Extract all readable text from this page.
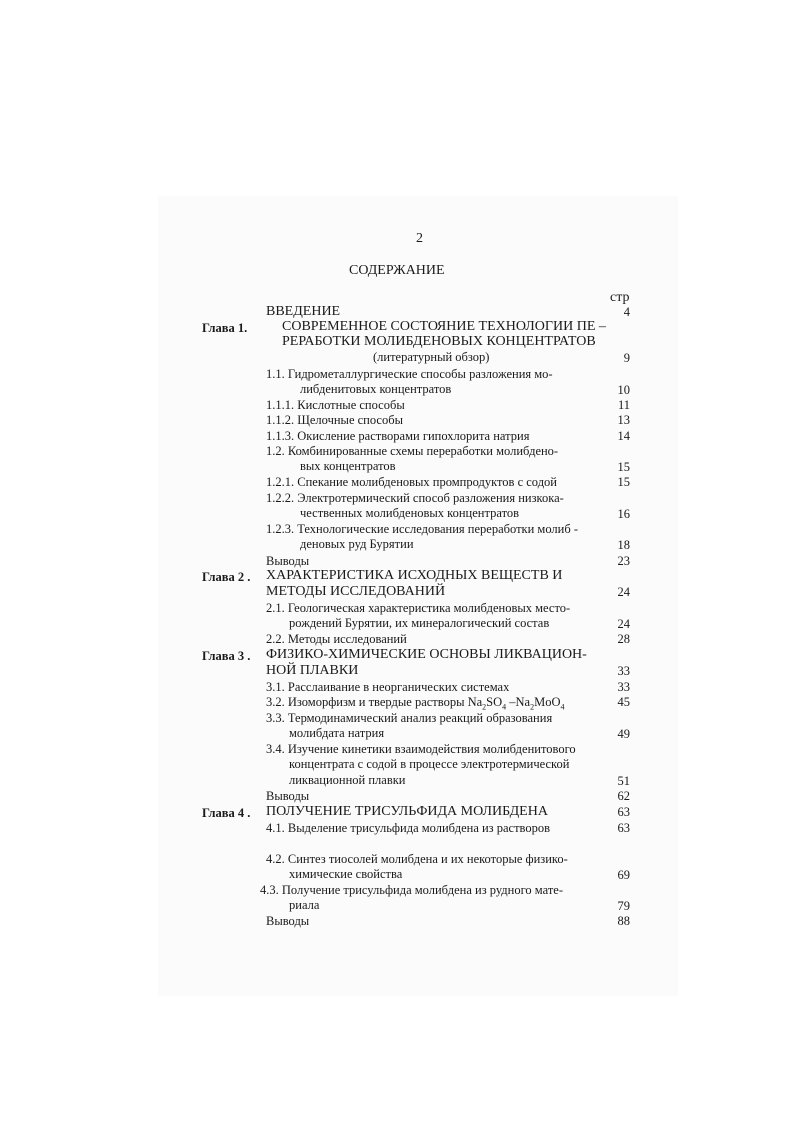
2
СОДЕРЖАНИЕ
стр
ВВЕДЕНИЕ	4
Глава 1. СОВРЕМЕННОЕ СОСТОЯНИЕ ТЕХНОЛОГИИ ПЕ –
РЕРАБОТКИ МОЛИБДЕНОВЫХ КОНЦЕНТРАТОВ
(литературный обзор)	9
1.1. Гидрометаллургические способы разложения мо-
либденитовых концентратов	10
1.1.1. Кислотные способы	11
1.1.2. Щелочные способы	13
1.1.3. Окисление растворами гипохлорита натрия	14
1.2. Комбинированные схемы переработки молибдено-
вых концентратов	15
1.2.1. Спекание молибденовых промпродуктов с содой	15
1.2.2. Электротермический способ разложения низкока-
чественных молибденовых концентратов	16
1.2.3. Технологические исследования переработки молиб -
деновых руд Бурятии	18
Выводы	23
Глава 2 . ХАРАКТЕРИСТИКА ИСХОДНЫХ ВЕЩЕСТВ И
МЕТОДЫ ИССЛЕДОВАНИЙ	24
2.1. Геологическая характеристика молибденовых место-
рождений Бурятии, их минералогический состав	24
2.2. Методы исследований	28
Глава 3 . ФИЗИКО-ХИМИЧЕСКИЕ ОСНОВЫ ЛИКВАЦИОН-
НОЙ ПЛАВКИ	33
3.1. Расслаивание в неорганических системах	33
3.2. Изоморфизм и твердые растворы $Na_2SO_4$ $-Na_2MoO_4$	45
3.3. Термодинамический анализ реакций образования
молибдата натрия	49
3.4. Изучение кинетики взаимодействия молибденитового
концентрата с содой в процессе электротермической
ликвационной плавки	51
Выводы	62
Глава 4 . ПОЛУЧЕНИЕ ТРИСУЛЬФИДА МОЛИБДЕНА	63
4.1. Выделение трисульфида молибдена из растворов	63
4.2. Синтез тиосолей молибдена и их некоторые физико-
химические свойства	69
4.3. Получение трисульфида молибдена из рудного мате-
риала	79
Выводы	88
